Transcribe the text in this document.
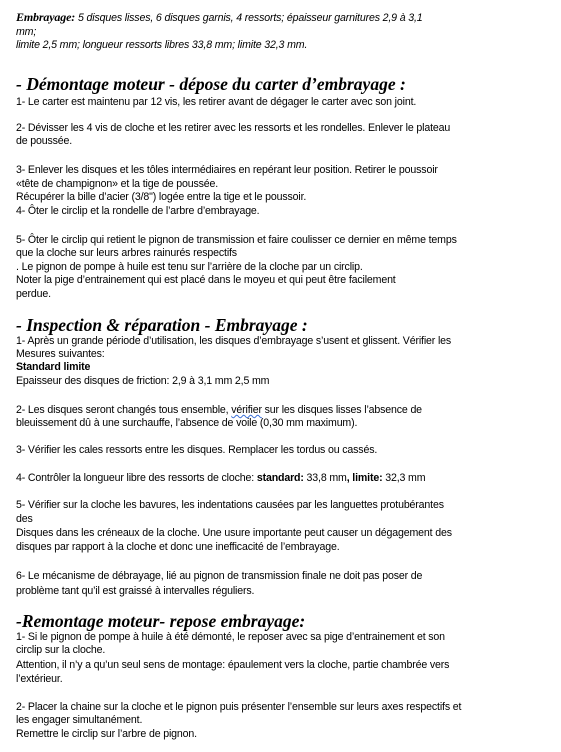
Embrayage: 5 disques lisses, 6 disques garnis, 4 ressorts; épaisseur garnitures 2,9 à 3,1
mm;
limite 2,5 mm; longueur ressorts libres 33,8 mm; limite 32,3 mm.
- Démontage moteur - dépose du carter d’embrayage :
1- Le carter est maintenu par 12 vis, les retirer avant de dégager le carter avec son joint.
2- Dévisser les 4 vis de cloche et les retirer avec les ressorts et les rondelles. Enlever le plateau
de poussée.
3- Enlever les disques et les tôles intermédiaires en repérant leur position. Retirer le poussoir
«tête de champignon» et la tige de poussée.
Récupérer la bille d’acier (3/8") logée entre la tige et le poussoir.
4- Ôter le circlip et la rondelle de l’arbre d’embrayage.
5- Ôter le circlip qui retient le pignon de transmission et faire coulisser ce dernier en même temps
que la cloche sur leurs arbres rainurés respectifs
. Le pignon de pompe à huile est tenu sur l’arrière de la cloche par un circlip.
Noter la pige d’entrainement qui est placé dans le moyeu et qui peut être facilement
perdue.
- Inspection & réparation - Embrayage :
1- Après un grande période d’utilisation, les disques d’embrayage s’usent et glissent. Vérifier les
Mesures suivantes:
Standard limite
Epaisseur des disques de friction: 2,9 à 3,1 mm 2,5 mm
2- Les disques seront changés tous ensemble, vérifier sur les disques lisses l’absence de
bleuissement dû à une surchauffe, l’absence de voile (0,30 mm maximum).
3- Vérifier les cales ressorts entre les disques. Remplacer les tordus ou cassés.
4- Contrôler la longueur libre des ressorts de cloche: standard: 33,8 mm, limite: 32,3 mm
5- Vérifier sur la cloche les bavures, les indentations causées par les languettes protubérantes
des
Disques dans les créneaux de la cloche. Une usure importante peut causer un dégagement des
disques par rapport à la cloche et donc une inefficacité de l’embrayage.
6- Le mécanisme de débrayage, lié au pignon de transmission finale ne doit pas poser de
problème tant qu’il est graissé à intervalles réguliers.
-Remontage moteur- repose embrayage:
1- Si le pignon de pompe à huile à été démonté, le reposer avec sa pige d’entrainement et son
circlip sur la cloche.
Attention, il n’y a qu’un seul sens de montage: épaulement vers la cloche, partie chambrée vers
l’extérieur.
2- Placer la chaine sur la cloche et le pignon puis présenter l’ensemble sur leurs axes respectifs et
les engager simultanément.
Remettre le circlip sur l’arbre de pignon.
